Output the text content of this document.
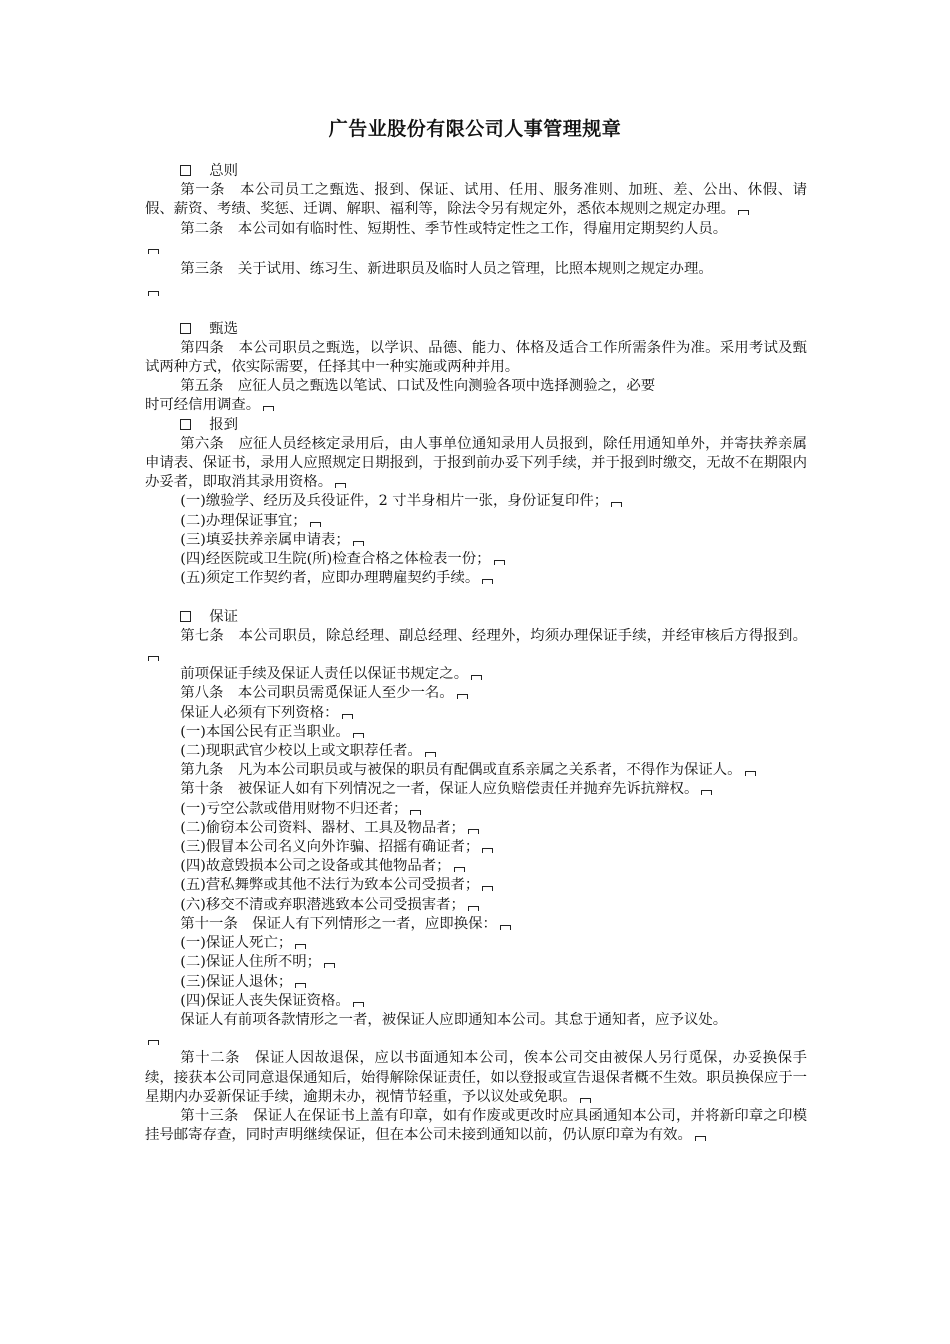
广告业股份有限公司人事管理规章

总则

第一条　本公司员工之甄选、报到、保证、试用、任用、服务准则、加班、差、公出、休假、请假、薪资、考绩、奖惩、迁调、解职、福利等，除法令另有规定外，悉依本规则之规定办理。

第二条　本公司如有临时性、短期性、季节性或特定性之工作，得雇用定期契约人员。

第三条　关于试用、练习生、新进职员及临时人员之管理，比照本规则之规定办理。

甄选

第四条　本公司职员之甄选，以学识、品德、能力、体格及适合工作所需条件为准。采用考试及甄试两种方式，依实际需要，任择其中一种实施或两种并用。

第五条　应征人员之甄选以笔试、口试及性向测验各项中选择测验之，必要

时可经信用调查。

报到

第六条　应征人员经核定录用后，由人事单位通知录用人员报到，除任用通知单外，并寄扶养亲属申请表、保证书，录用人应照规定日期报到，于报到前办妥下列手续，并于报到时缴交，无故不在期限内办妥者，即取消其录用资格。

(一)缴验学、经历及兵役证件，2 寸半身相片一张，身份证复印件；

(二)办理保证事宜；

(三)填妥扶养亲属申请表；

(四)经医院或卫生院(所)检查合格之体检表一份；

(五)须定工作契约者，应即办理聘雇契约手续。

保证

第七条　本公司职员，除总经理、副总经理、经理外，均须办理保证手续，并经审核后方得报到。

前项保证手续及保证人责任以保证书规定之。

第八条　本公司职员需觅保证人至少一名。

保证人必须有下列资格：

(一)本国公民有正当职业。

(二)现职武官少校以上或文职荐任者。

第九条　凡为本公司职员或与被保的职员有配偶或直系亲属之关系者，不得作为保证人。

第十条　被保证人如有下列情况之一者，保证人应负赔偿责任并抛弃先诉抗辩权。

(一)亏空公款或借用财物不归还者；

(二)偷窃本公司资料、器材、工具及物品者；

(三)假冒本公司名义向外诈骗、招摇有确证者；

(四)故意毁损本公司之设备或其他物品者；

(五)营私舞弊或其他不法行为致本公司受损者；

(六)移交不清或弃职潜逃致本公司受损害者；

第十一条　保证人有下列情形之一者，应即换保：

(一)保证人死亡；

(二)保证人住所不明；

(三)保证人退休；

(四)保证人丧失保证资格。

保证人有前项各款情形之一者，被保证人应即通知本公司。其怠于通知者，应予议处。

第十二条　保证人因故退保，应以书面通知本公司，俟本公司交由被保人另行觅保，办妥换保手续，接获本公司同意退保通知后，始得解除保证责任，如以登报或宣告退保者概不生效。职员换保应于一星期内办妥新保证手续，逾期未办，视情节轻重，予以议处或免职。

第十三条　保证人在保证书上盖有印章，如有作废或更改时应具函通知本公司，并将新印章之印模挂号邮寄存查，同时声明继续保证，但在本公司未接到通知以前，仍认原印章为有效。
